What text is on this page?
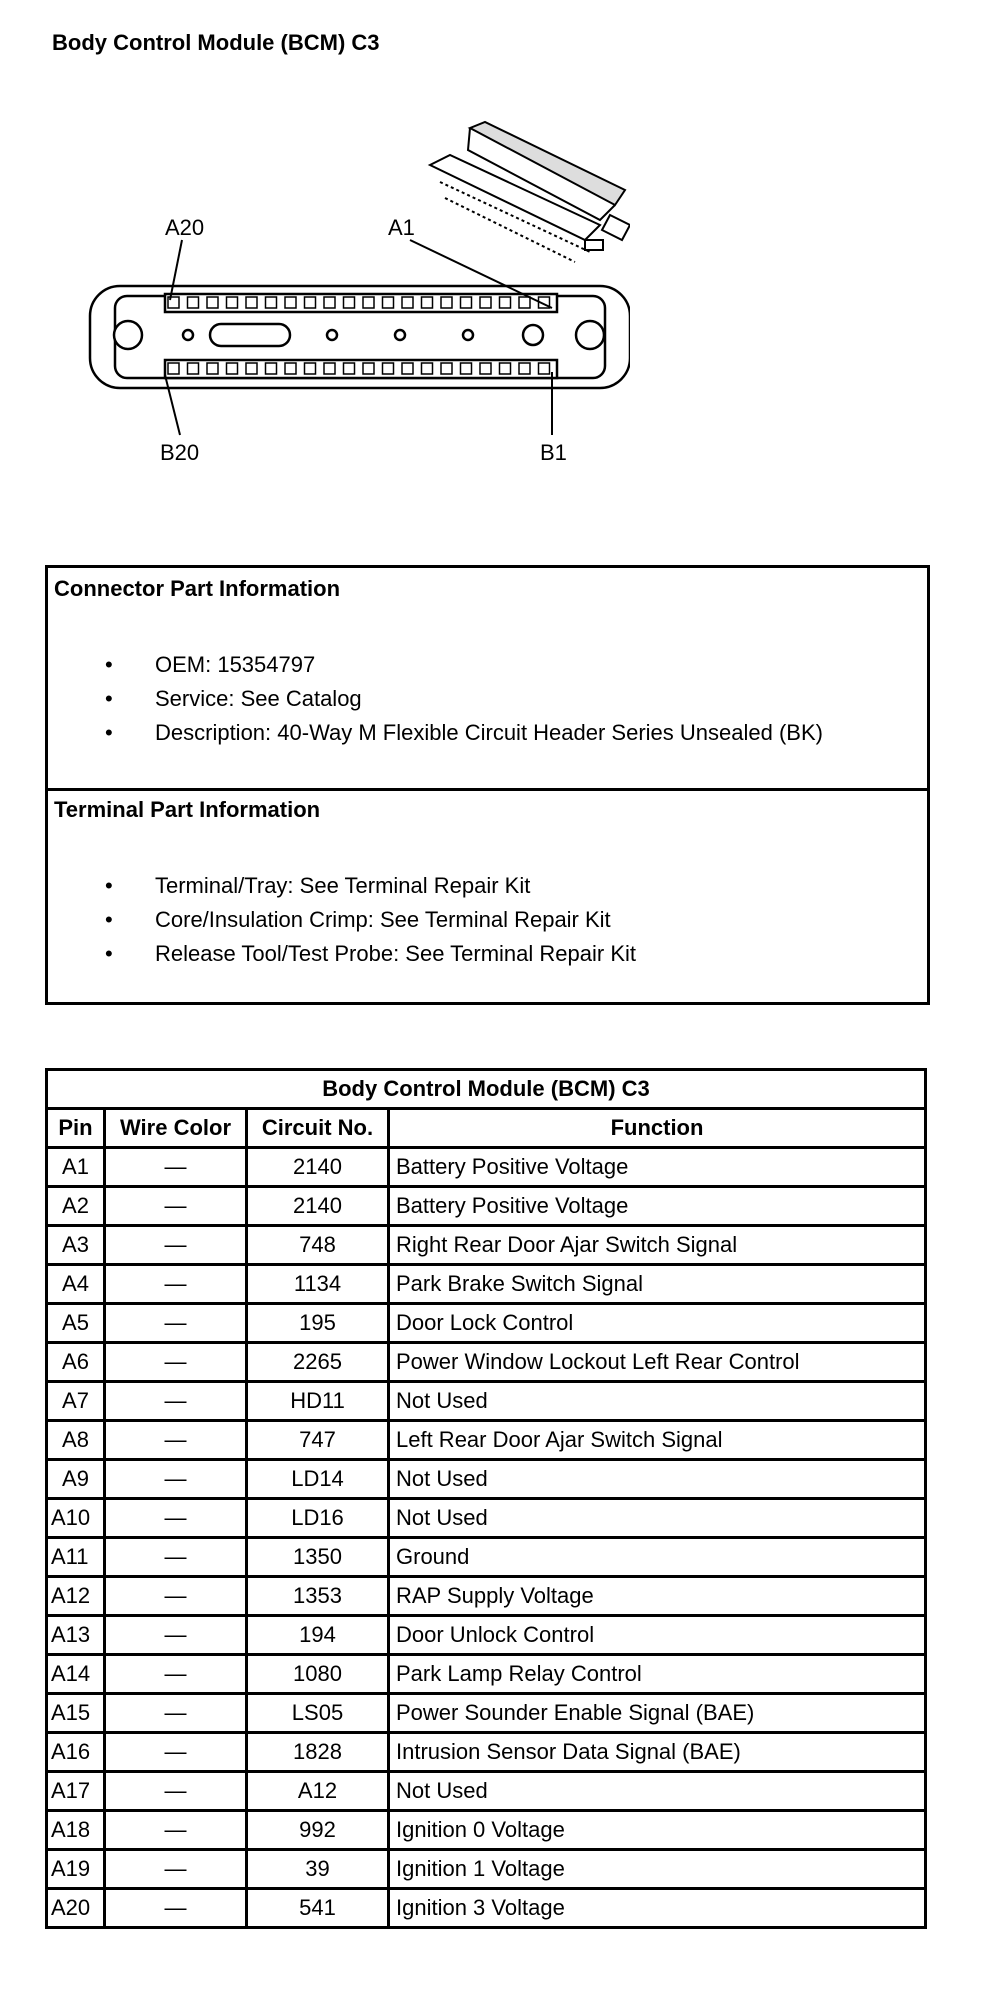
Body Control Module (BCM) C3
A20	A1
B20	B1
Connector Part Information
• OEM: 15354797
• Service: See Catalog
• Description: 40-Way M Flexible Circuit Header Series Unsealed (BK)
Terminal Part Information
• Terminal/Tray: See Terminal Repair Kit
• Core/Insulation Crimp: See Terminal Repair Kit
• Release Tool/Test Probe: See Terminal Repair Kit
Body Control Module (BCM) C3			
Pin	Wire Color	Circuit No.	Function
A1	—	2140	Battery Positive Voltage
A2	—	2140	Battery Positive Voltage
A3	—	748	Right Rear Door Ajar Switch Signal
A4	—	1134	Park Brake Switch Signal
A5	—	195	Door Lock Control
A6	—	2265	Power Window Lockout Left Rear Control
A7	—	HD11	Not Used
A8	—	747	Left Rear Door Ajar Switch Signal
A9	—	LD14	Not Used
A10	—	LD16	Not Used
A11	—	1350	Ground
A12	—	1353	RAP Supply Voltage
A13	—	194	Door Unlock Control
A14	—	1080	Park Lamp Relay Control
A15	—	LS05	Power Sounder Enable Signal (BAE)
A16	—	1828	Intrusion Sensor Data Signal (BAE)
A17	—	A12	Not Used
A18	—	992	Ignition 0 Voltage
A19	—	39	Ignition 1 Voltage
A20	—	541	Ignition 3 Voltage
